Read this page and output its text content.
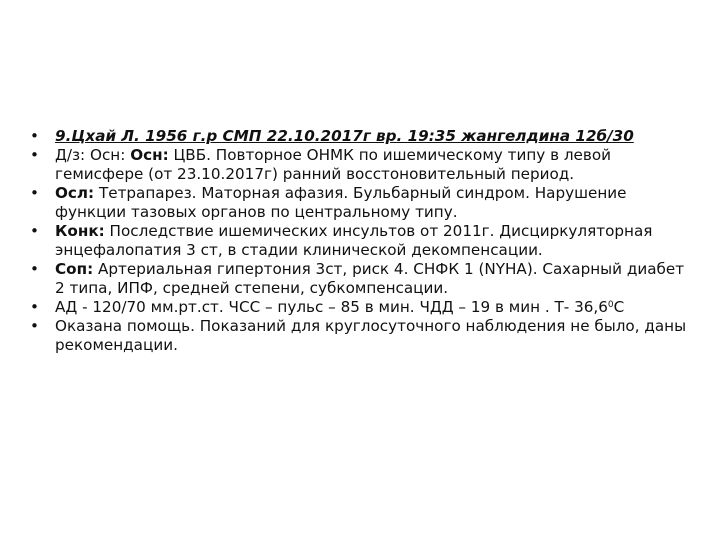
•	9.Цхай Л. 1956 г.р СМП 22.10.2017г вр. 19:35 жангелдина 12б/30
•	Д/з: Осн: Осн: ЦВБ. Повторное ОНМК по ишемическому типу в левой гемисфере (от 23.10.2017г) ранний восстоновительный период.
•	Осл: Тетрапарез. Маторная афазия. Бульбарный синдром. Нарушение функции тазовых органов по центральному типу.
•	Конк: Последствие ишемических инсультов от 2011г. Дисциркуляторная энцефалопатия 3 ст, в стадии клинической декомпенсации.
•	Соп: Артериальная гипертония 3ст, риск 4. СНФК 1 (NYHA). Сахарный диабет 2 типа, ИПФ, средней степени, субкомпенсации.
•	АД - 120/70 мм.рт.ст. ЧСС – пульс – 85 в мин. ЧДД – 19 в мин . Т- 36,6$^0$С
•	Оказана помощь. Показаний для круглосуточного наблюдения не было, даны рекомендации.
